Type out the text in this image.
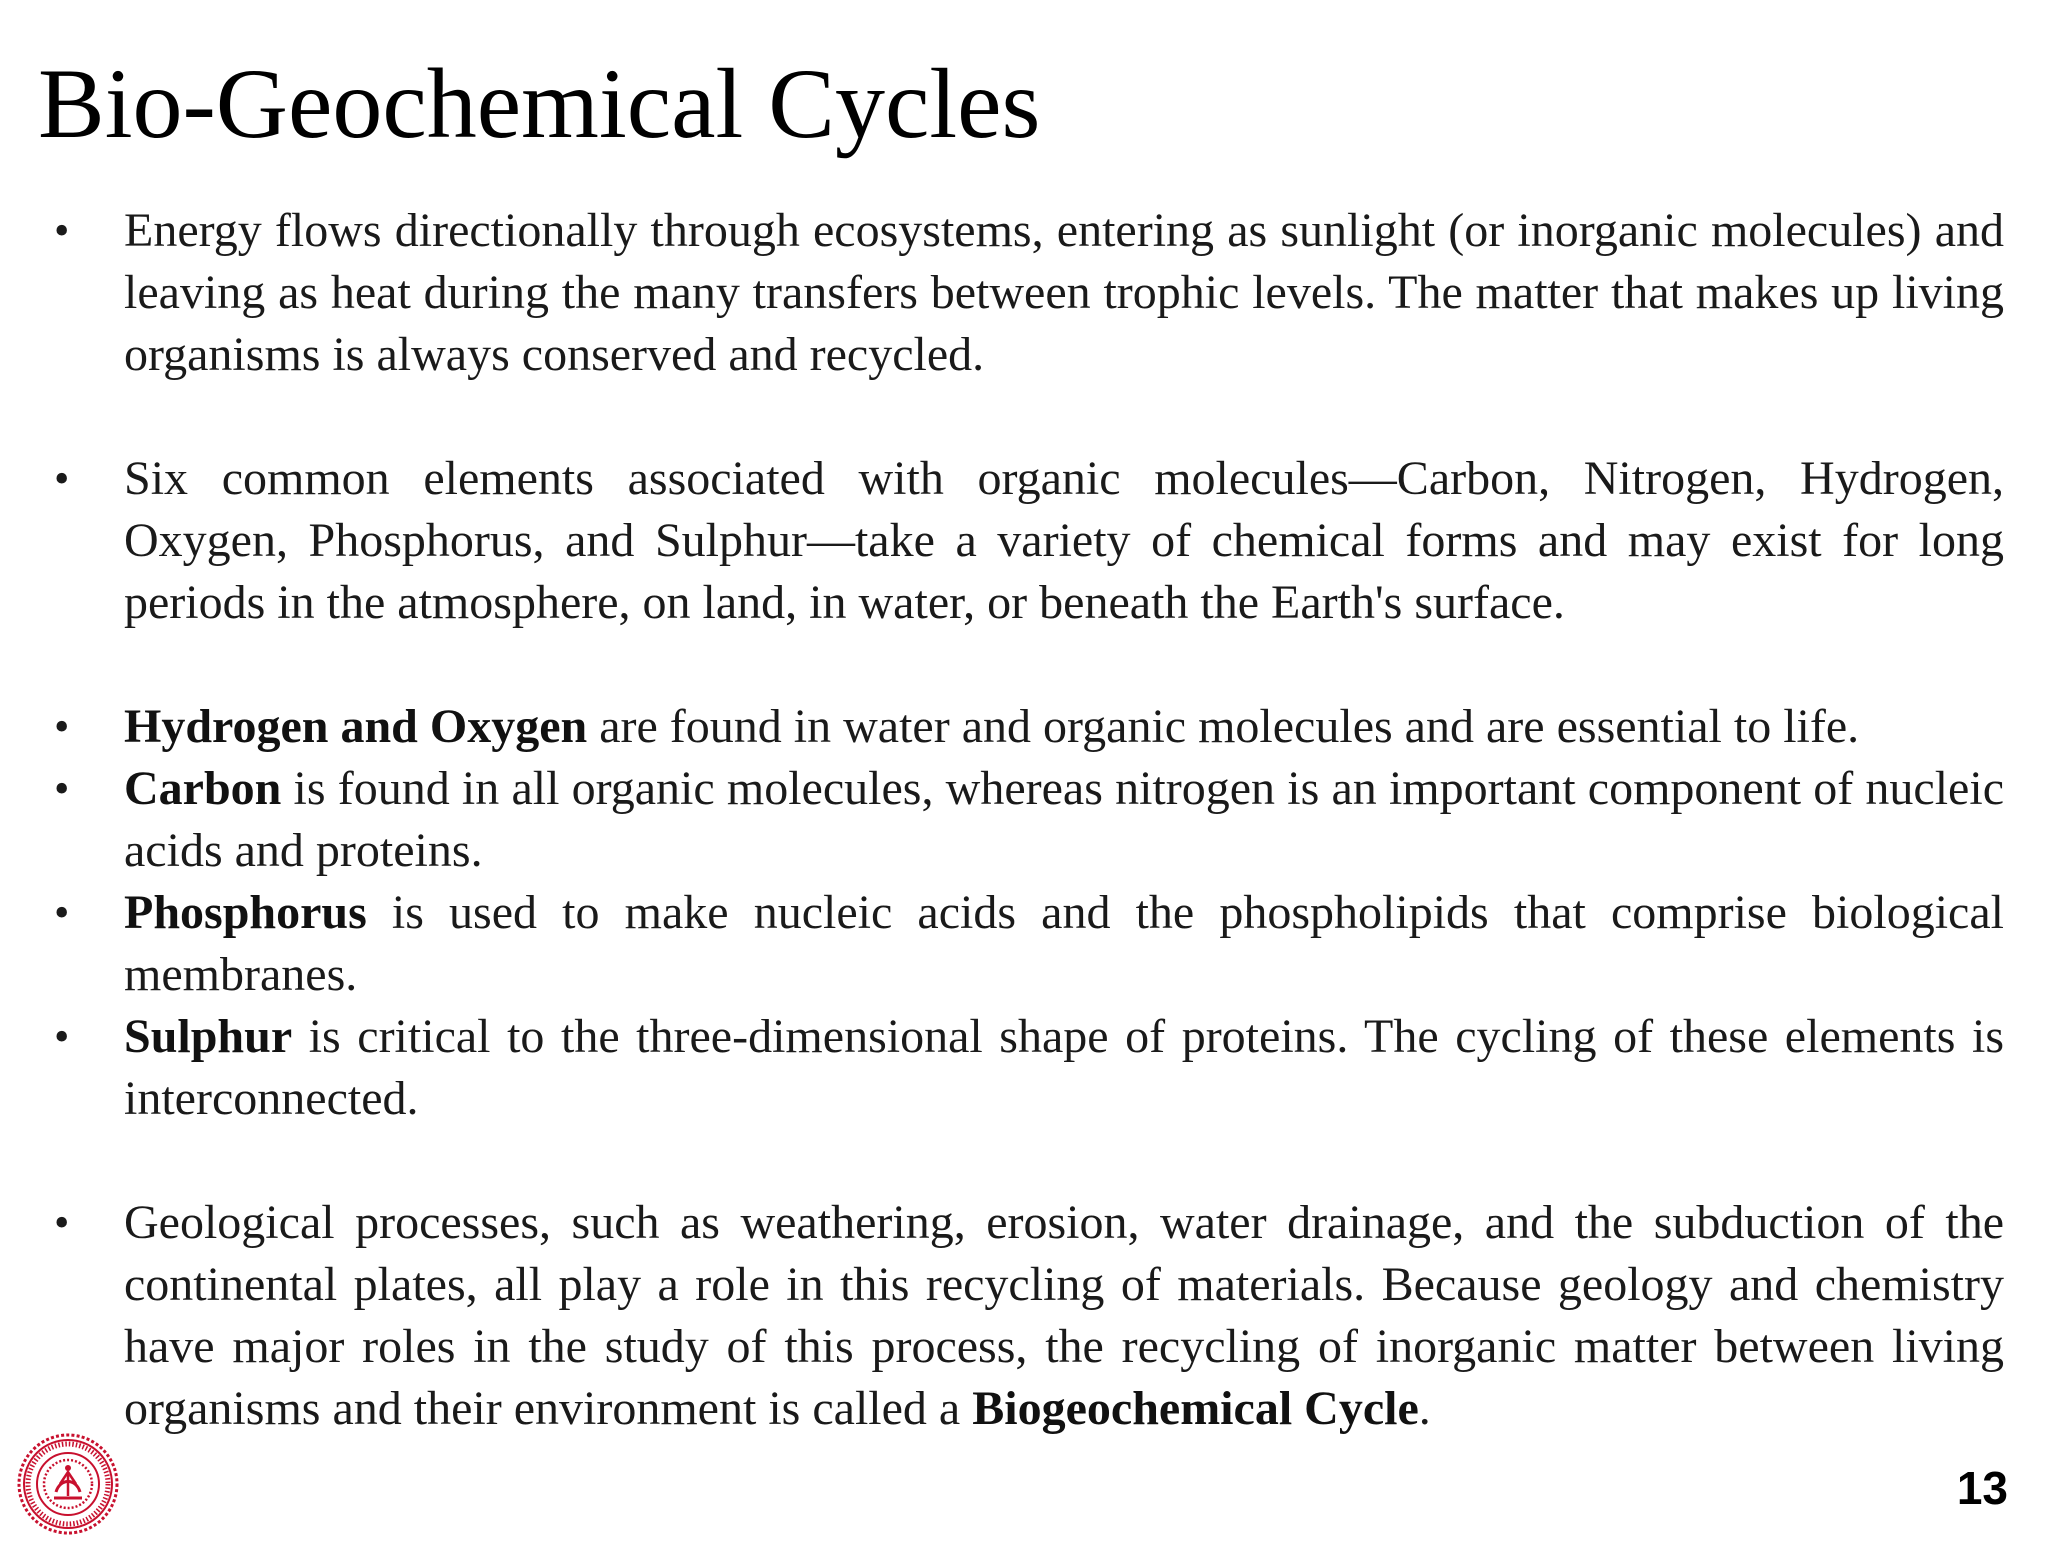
Bio-Geochemical Cycles
•	Energy flows directionally through ecosystems, entering as sunlight (or inorganic molecules) and leaving as heat during the many transfers between trophic levels. The matter that makes up living organisms is always conserved and recycled.
•	Six common elements associated with organic molecules—Carbon, Nitrogen, Hydrogen, Oxygen, Phosphorus, and Sulphur—take a variety of chemical forms and may exist for long periods in the atmosphere, on land, in water, or beneath the Earth's surface.
•	Hydrogen and Oxygen are found in water and organic molecules and are essential to life.
•	Carbon is found in all organic molecules, whereas nitrogen is an important component of nucleic acids and proteins.
•	Phosphorus is used to make nucleic acids and the phospholipids that comprise biological membranes.
•	Sulphur is critical to the three-dimensional shape of proteins. The cycling of these elements is interconnected.
•	Geological processes, such as weathering, erosion, water drainage, and the subduction of the continental plates, all play a role in this recycling of materials. Because geology and chemistry have major roles in the study of this process, the recycling of inorganic matter between living organisms and their environment is called a Biogeochemical Cycle.
13
